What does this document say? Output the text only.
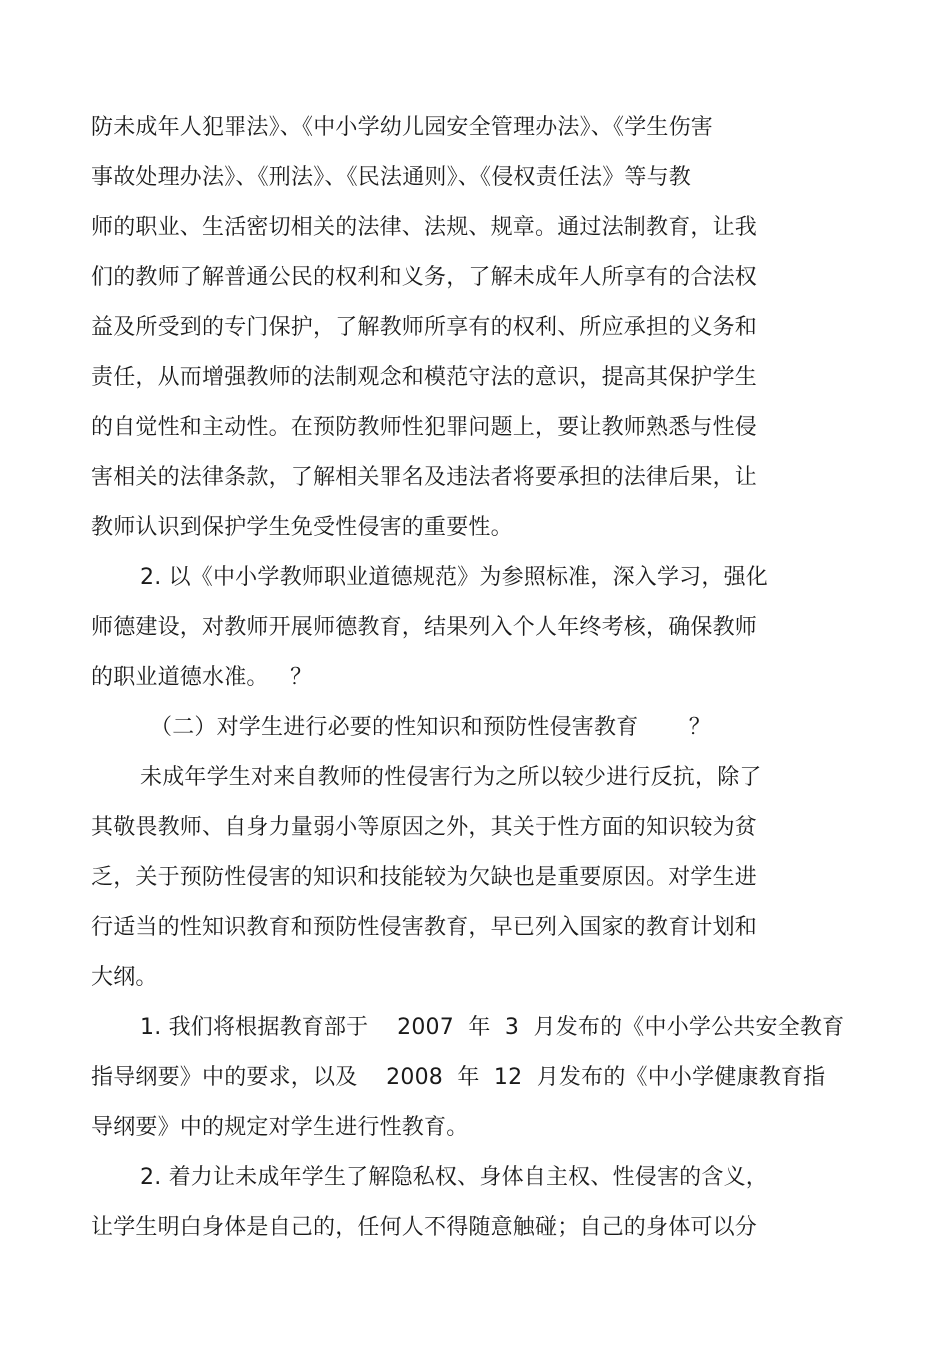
防未成年人犯罪法》、《中小学幼儿园安全管理办法》、《学生伤害
事故处理办法》、《刑法》、《民法通则》、《侵权责任法》等与教
师的职业、生活密切相关的法律、法规、规章。通过法制教育，让我
们的教师了解普通公民的权利和义务，了解未成年人所享有的合法权
益及所受到的专门保护，了解教师所享有的权利、所应承担的义务和
责任，从而增强教师的法制观念和模范守法的意识，提高其保护学生
的自觉性和主动性。在预防教师性犯罪问题上，要让教师熟悉与性侵
害相关的法律条款，了解相关罪名及违法者将要承担的法律后果，让
教师认识到保护学生免受性侵害的重要性。
2. 以《中小学教师职业道德规范》为参照标准，深入学习，强化
师德建设，对教师开展师德教育，结果列入个人年终考核，确保教师
的职业道德水准。   ？
（二）对学生进行必要的性知识和预防性侵害教育       ？
未成年学生对来自教师的性侵害行为之所以较少进行反抗，除了
其敬畏教师、自身力量弱小等原因之外，其关于性方面的知识较为贫
乏，关于预防性侵害的知识和技能较为欠缺也是重要原因。对学生进
行适当的性知识教育和预防性侵害教育，早已列入国家的教育计划和
大纲。
1. 我们将根据教育部于    2007  年  3  月发布的《中小学公共安全教育
指导纲要》中的要求，以及    2008  年  12  月发布的《中小学健康教育指
导纲要》中的规定对学生进行性教育。
2. 着力让未成年学生了解隐私权、身体自主权、性侵害的含义，
让学生明白身体是自己的，任何人不得随意触碰；自己的身体可以分
